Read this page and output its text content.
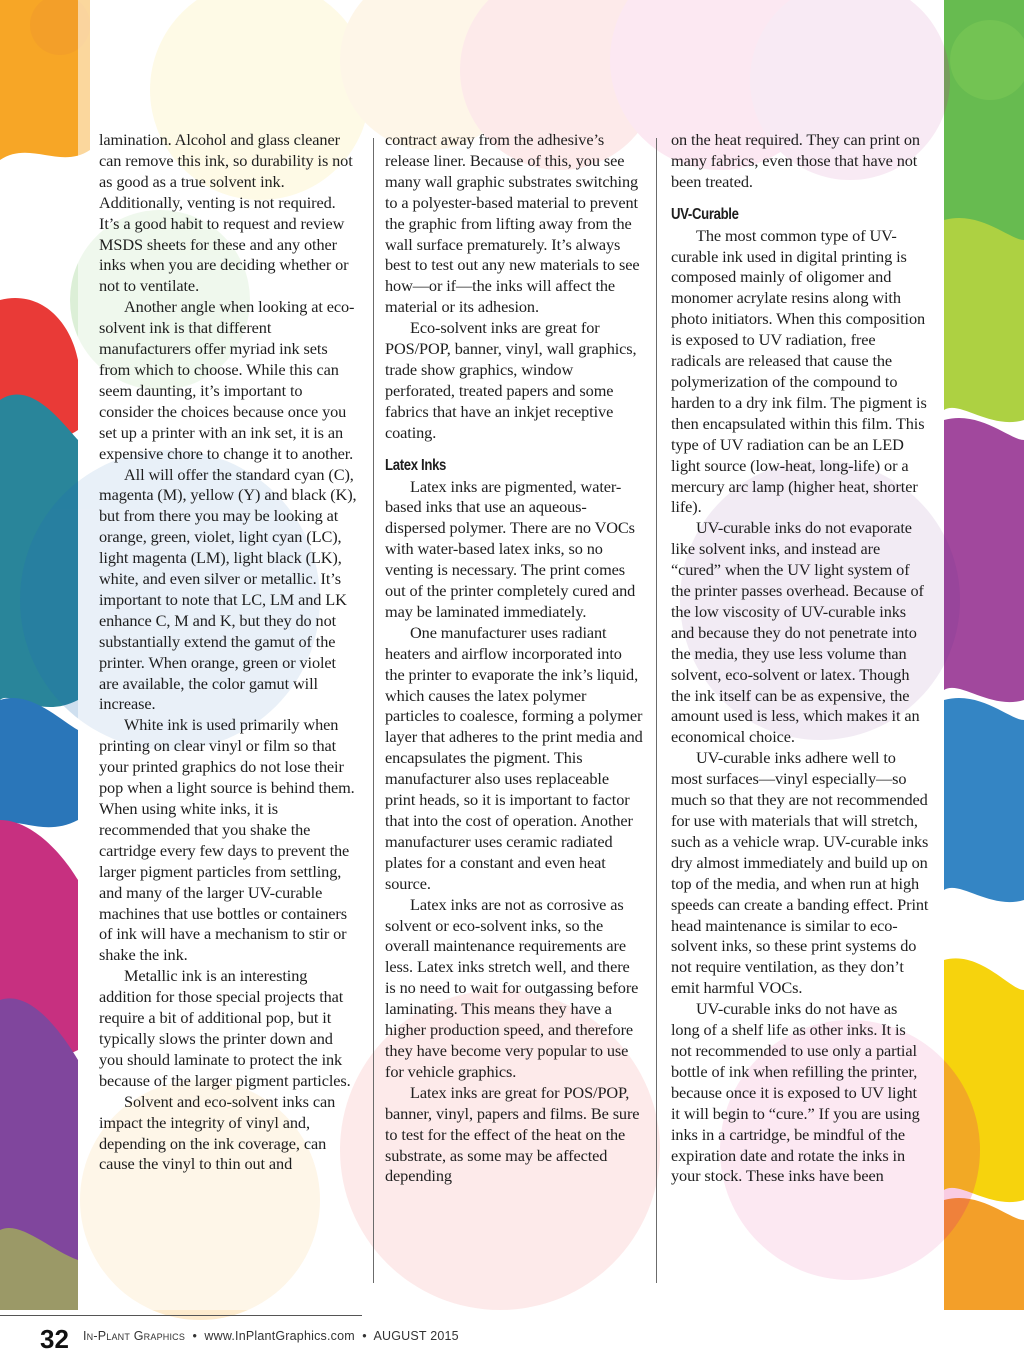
lamination. Alcohol and glass cleaner can remove this ink, so durability is not as good as a true solvent ink. Additionally, venting is not required. It’s a good habit to request and review MSDS sheets for these and any other inks when you are deciding whether or not to ventilate.

Another angle when looking at eco-solvent ink is that different manufacturers offer myriad ink sets from which to choose. While this can seem daunting, it’s important to consider the choices because once you set up a printer with an ink set, it is an expensive chore to change it to another.

All will offer the standard cyan (C), magenta (M), yellow (Y) and black (K), but from there you may be looking at orange, green, violet, light cyan (LC), light magenta (LM), light black (LK), white, and even silver or metallic. It’s important to note that LC, LM and LK enhance C, M and K, but they do not substantially extend the gamut of the printer. When orange, green or violet are available, the color gamut will increase.

White ink is used primarily when printing on clear vinyl or film so that your printed graphics do not lose their pop when a light source is behind them. When using white inks, it is recommended that you shake the cartridge every few days to prevent the larger pigment particles from settling, and many of the larger UV-curable machines that use bottles or containers of ink will have a mechanism to stir or shake the ink.

Metallic ink is an interesting addition for those special projects that require a bit of additional pop, but it typically slows the printer down and you should laminate to protect the ink because of the larger pigment particles.

Solvent and eco-solvent inks can impact the integrity of vinyl and, depending on the ink coverage, can cause the vinyl to thin out and

contract away from the adhesive’s release liner. Because of this, you see many wall graphic substrates switching to a polyester-based material to prevent the graphic from lifting away from the wall surface prematurely. It’s always best to test out any new materials to see how—or if—the inks will affect the material or its adhesion.

Eco-solvent inks are great for POS/POP, banner, vinyl, wall graphics, trade show graphics, window perforated, treated papers and some fabrics that have an inkjet receptive coating.

Latex Inks

Latex inks are pigmented, water-based inks that use an aqueous-dispersed polymer. There are no VOCs with water-based latex inks, so no venting is necessary. The print comes out of the printer completely cured and may be laminated immediately.

One manufacturer uses radiant heaters and airflow incorporated into the printer to evaporate the ink’s liquid, which causes the latex polymer particles to coalesce, forming a polymer layer that adheres to the print media and encapsulates the pigment. This manufacturer also uses replaceable print heads, so it is important to factor that into the cost of operation. Another manufacturer uses ceramic radiated plates for a constant and even heat source.

Latex inks are not as corrosive as solvent or eco-solvent inks, so the overall maintenance requirements are less. Latex inks stretch well, and there is no need to wait for outgassing before laminating. This means they have a higher production speed, and therefore they have become very popular to use for vehicle graphics.

Latex inks are great for POS/POP, banner, vinyl, papers and films. Be sure to test for the effect of the heat on the substrate, as some may be affected depending

on the heat required. They can print on many fabrics, even those that have not been treated.

UV-Curable

The most common type of UV-curable ink used in digital printing is composed mainly of oligomer and monomer acrylate resins along with photo initiators. When this composition is exposed to UV radiation, free radicals are released that cause the polymerization of the compound to harden to a dry ink film. The pigment is then encapsulated within this film. This type of UV radiation can be an LED light source (low-heat, long-life) or a mercury arc lamp (higher heat, shorter life).

UV-curable inks do not evaporate like solvent inks, and instead are “cured” when the UV light system of the printer passes overhead. Because of the low viscosity of UV-curable inks and because they do not penetrate into the media, they use less volume than solvent, eco-solvent or latex. Though the ink itself can be as expensive, the amount used is less, which makes it an economical choice.

UV-curable inks adhere well to most surfaces—vinyl especially—so much so that they are not recommended for use with materials that will stretch, such as a vehicle wrap. UV-curable inks dry almost immediately and build up on top of the media, and when run at high speeds can create a banding effect. Print head maintenance is similar to eco-solvent inks, so these print systems do not require ventilation, as they don’t emit harmful VOCs.

UV-curable inks do not have as long of a shelf life as other inks. It is not recommended to use only a partial bottle of ink when refilling the printer, because once it is exposed to UV light it will begin to “cure.” If you are using inks in a cartridge, be mindful of the expiration date and rotate the inks in your stock. These inks have been

32 In-Plant Graphics • www.InPlantGraphics.com • AUGUST 2015
